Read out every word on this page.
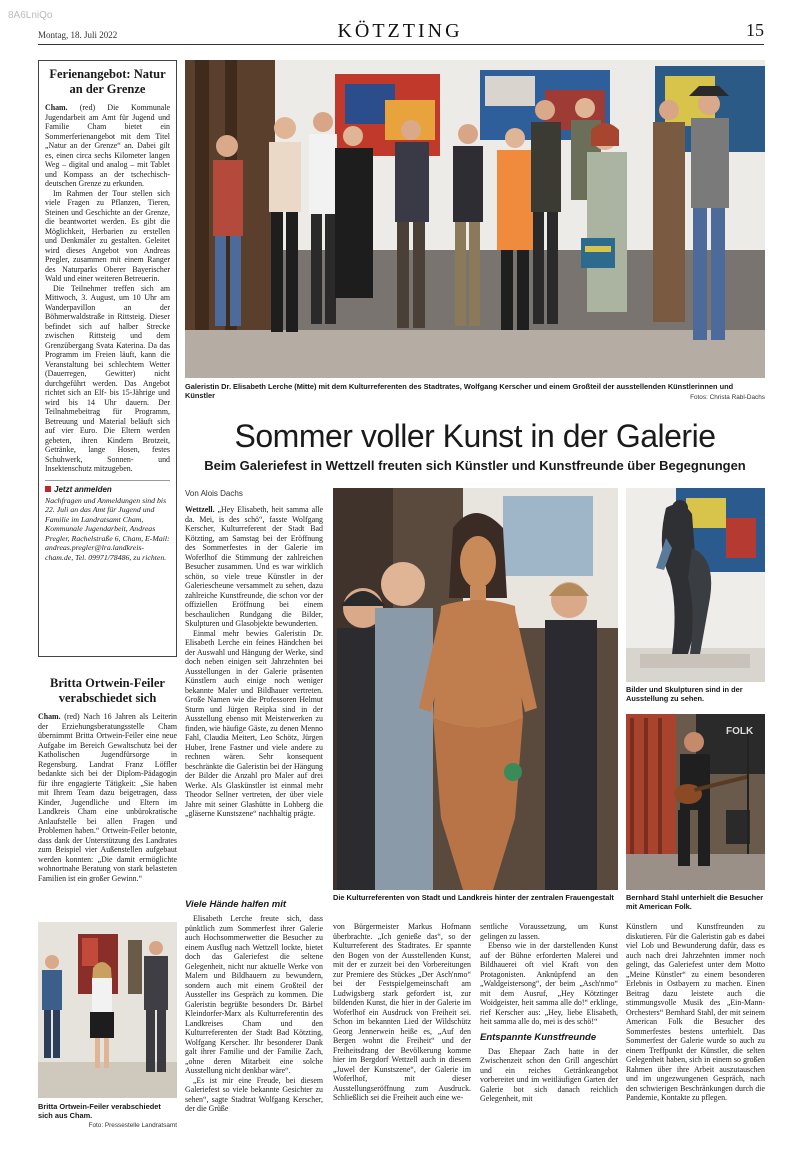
8A6LniQo
Montag, 18. Juli 2022	KÖTZTING	15
Ferienangebot: Natur an der Grenze

Cham. (red) Die Kommunale Jugendarbeit am Amt für Jugend und Familie Cham bietet ein Sommerferienangebot mit dem Titel „Natur an der Grenze“ an. Dabei gilt es, einen circa sechs Kilometer langen Weg – digital und analog – mit Tablet und Kompass an der tschechisch-deutschen Grenze zu erkunden.

Im Rahmen der Tour stellen sich viele Fragen zu Pflanzen, Tieren, Steinen und Geschichte an der Grenze, die beantwortet werden. Es gibt die Möglichkeit, Herbarien zu erstellen und Denkmäler zu gestalten. Geleitet wird dieses Angebot von Andreas Pregler, zusammen mit einem Ranger des Naturparks Oberer Bayerischer Wald und einer weiteren Betreuerin.

Die Teilnehmer treffen sich am Mittwoch, 3. August, um 10 Uhr am Wanderpavillon an der Böhmerwaldstraße in Rittsteig. Dieser befindet sich auf halber Strecke zwischen Rittsteig und dem Grenzübergang Svata Katerina. Da das Programm im Freien läuft, kann die Veranstaltung bei schlechtem Wetter (Dauerregen, Gewitter) nicht durchgeführt werden. Das Angebot richtet sich an Elf- bis 15-Jährige und wird bis 14 Uhr dauern. Der Teilnahmebeitrag für Programm, Betreuung und Material beläuft sich auf vier Euro. Die Eltern werden gebeten, ihren Kindern Brotzeit, Getränke, lange Hosen, festes Schuhwerk, Sonnen- und Insektenschutz mitzugeben.

Jetzt anmelden
Nachfragen und Anmeldungen sind bis 22. Juli an das Amt für Jugend und Familie im Landratsamt Cham, Kommunale Jugendarbeit, Andreas Pregler, Rachelstraße 6, Cham, E-Mail: andreas.pregler@lra.landkreis-cham.de, Tel. 09971/78486, zu richten.
Britta Ortwein-Feiler verabschiedet sich

Cham. (red) Nach 16 Jahren als Leiterin der Erziehungsberatungsstelle Cham übernimmt Britta Ortwein-Feiler eine neue Aufgabe im Bereich Gewaltschutz bei der Katholischen Jugendfürsorge in Regensburg. Landrat Franz Löffler bedankte sich bei der Diplom-Pädagogin für ihre engagierte Tätigkeit: „Sie haben mit Ihrem Team dazu beigetragen, dass Kinder, Jugendliche und Eltern im Landkreis Cham eine unbürokratische Anlaufstelle bei allen Fragen und Problemen haben.“ Ortwein-Feiler betonte, dass dank der Unterstützung des Landrates zum Beispiel vier Außenstellen aufgebaut werden konnten: „Die damit ermöglichte wohnortnahe Beratung von stark belasteten Familien ist ein großer Gewinn.“

Britta Ortwein-Feiler verabschiedet sich aus Cham.
Foto: Pressestelle Landratsamt
Galeristin Dr. Elisabeth Lerche (Mitte) mit dem Kulturreferenten des Stadtrates, Wolfgang Kerscher und einem Großteil der ausstellenden Künstlerinnen und Künstler	Fotos: Christa Rabl-Dachs
Sommer voller Kunst in der Galerie
Beim Galeriefest in Wettzell freuten sich Künstler und Kunstfreunde über Begegnungen
Von Alois Dachs

Wettzell. „Hey Elisabeth, heit samma alle da. Mei, is des schö“, fasste Wolfgang Kerscher, Kulturreferent der Stadt Bad Kötzting, am Samstag bei der Eröffnung des Sommerfestes in der Galerie im Woferlhof die Stimmung der zahlreichen Besucher zusammen. Und es war wirklich schön, so viele treue Künstler in der Galeriescheune versammelt zu sehen, dazu zahlreiche Kunstfreunde, die schon vor der offiziellen Eröffnung bei einem beschaulichen Rundgang die Bilder, Skulpturen und Glasobjekte bewunderten.

Einmal mehr bewies Galeristin Dr. Elisabeth Lerche ein feines Händchen bei der Auswahl und Hängung der Werke, sind doch neben einigen seit Jahrzehnten bei Ausstellungen in der Galerie präsenten Künstlern auch einige noch weniger bekannte Maler und Bildhauer vertreten. Große Namen wie die Professoren Helmut Sturm und Jürgen Reipka sind in der Ausstellung ebenso mit Meisterwerken zu finden, wie häufige Gäste, zu denen Menno Fahl, Claudia Meitert, Leo Schötz, Jürgen Huber, Irene Fastner und viele andere zu rechnen wären. Sehr konsequent beschränkte die Galeristin bei der Hängung der Bilder die Anzahl pro Maler auf drei Werke. Als Glaskünstler ist einmal mehr Theodor Sellner vertreten, der über viele Jahre mit seiner Glashütte in Lohberg die „gläserne Kunstszene“ nachhaltig prägte.

Viele Hände halfen mit

Elisabeth Lerche freute sich, dass pünktlich zum Sommerfest ihrer Galerie auch Hochsommerwetter die Besucher zu einem Ausflug nach Wettzell lockte, bietet doch das Galeriefest die seltene Gelegenheit, nicht nur aktuelle Werke von Malern und Bildhauern zu bewundern, sondern auch mit einem Großteil der Aussteller ins Gespräch zu kommen. Die Galeristin begrüßte besonders Dr. Bärbel Kleindorfer-Marx als Kulturreferentin des Landkreises Cham und den Kulturreferenten der Stadt Bad Kötzting, Wolfgang Kerscher. Ihr besonderer Dank galt ihrer Familie und der Familie Zach, „ohne deren Mitarbeit eine solche Ausstellung nicht denkbar wäre“.

„Es ist mir eine Freude, bei diesem Galeriefest so viele bekannte Gesichter zu sehen“, sagte Stadtrat Wolfgang Kerscher, der die Grüße

Die Kulturreferenten von Stadt und Landkreis hinter der zentralen Frauengestalt

von Bürgermeister Markus Hofmann überbrachte. „Ich genieße das“, so der Kulturreferent des Stadtrates. Er spannte den Bogen von der Ausstellenden Kunst, mit der er zurzeit bei den Vorbereitungen zur Premiere des Stückes „Der Asch'nmo“ bei der Festspielgemeinschaft am Ludwigsberg stark gefordert ist, zur bildenden Kunst, die hier in der Galerie im Woferlhof ein Ausdruck von Freiheit sei. Schon im bekannten Lied der Wildschütz Georg Jennerwein heiße es, „Auf den Bergen wohnt die Freiheit“ und der Freiheitsdrang der Bevölkerung komme hier im Bergdorf Wettzell auch in diesem „Juwel der Kunstszene“, der Galerie im Woferlhof, mit dieser Ausstellungseröffnung zum Ausdruck. Schließlich sei die Freiheit auch eine we-

sentliche Voraussetzung, um Kunst gelingen zu lassen.

Ebenso wie in der darstellenden Kunst auf der Bühne erforderten Malerei und Bildhauerei oft viel Kraft von den Protagonisten. Anknüpfend an den „Waldgeistersong“, der beim „Asch'nmo“ mit dem Ausruf, „Hey Kötztinger Woidgeister, heit samma alle do!“ erklinge, rief Kerscher aus: „Hey, liebe Elisabeth, heit samma alle do, mei is des schö!“

Entspannte Kunstfreunde

Das Ehepaar Zach hatte in der Zwischenzeit schon den Grill angeschürt und ein reiches Getränkeangebot vorbereitet und im weitläufigen Garten der Galerie bot sich danach reichlich Gelegenheit, mit

Bilder und Skulpturen sind in der Ausstellung zu sehen.
FOLK
Bernhard Stahl unterhielt die Besucher mit American Folk.

Künstlern und Kunstfreunden zu diskutieren. Für die Galeristin gab es dabei viel Lob und Bewunderung dafür, dass es auch nach drei Jahrzehnten immer noch gelingt, das Galeriefest unter dem Motto „Meine Künstler“ zu einem besonderen Erlebnis in Ostbayern zu machen. Einen Beitrag dazu leistete auch die stimmungsvolle Musik des „Ein-Mann-Orchesters“ Bernhard Stahl, der mit seinem American Folk die Besucher des Sommerfestes bestens unterhielt. Das Sommerfest der Galerie wurde so auch zu einem Treffpunkt der Künstler, die selten Gelegenheit haben, sich in einem so großen Rahmen über ihre Arbeit auszutauschen und im ungezwungenen Gespräch, nach den schwierigen Beschränkungen durch die Pandemie, Kontakte zu pflegen.
